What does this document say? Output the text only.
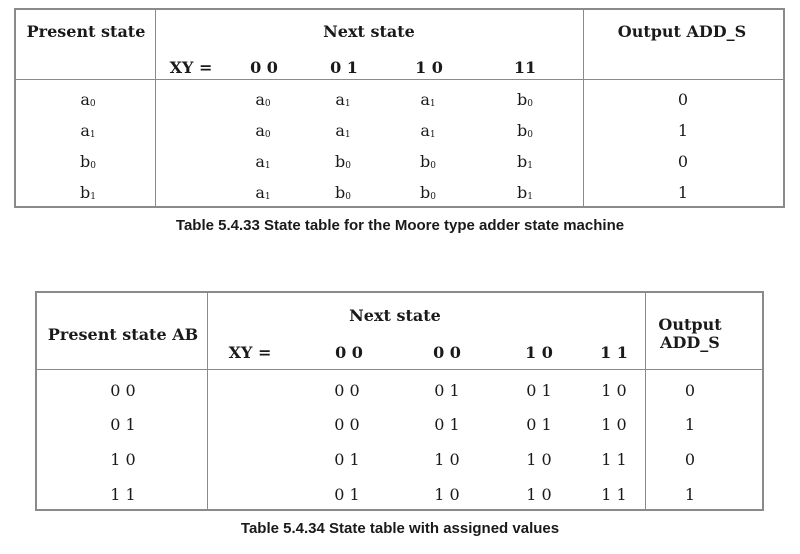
Present state	Next state	Output ADD_S
XY = 0 0	0 1	1 0	11
$a_0$	$a_0$	$a_1$	$a_1$	$b_0$	0
$a_1$	$a_0$	$a_1$	$a_1$	$b_0$	1
$b_0$	$a_1$	$b_0$	$b_0$	$b_1$	0
$b_1$	$a_1$	$b_0$	$b_0$	$b_1$	1
Table 5.4.33 State table for the Moore type adder state machine
Present state AB
Next state	Output
ADD_S
XY =	0 0	0 0	1 0	1 1
0 0	0 0	0 1	0 1	1 0	0
0 1	0 0	0 1	0 1	1 0	1
1 0	0 1	1 0	1 0	1 1	0
1 1	0 1	1 0	1 0	1 1	1
Table 5.4.34 State table with assigned values
